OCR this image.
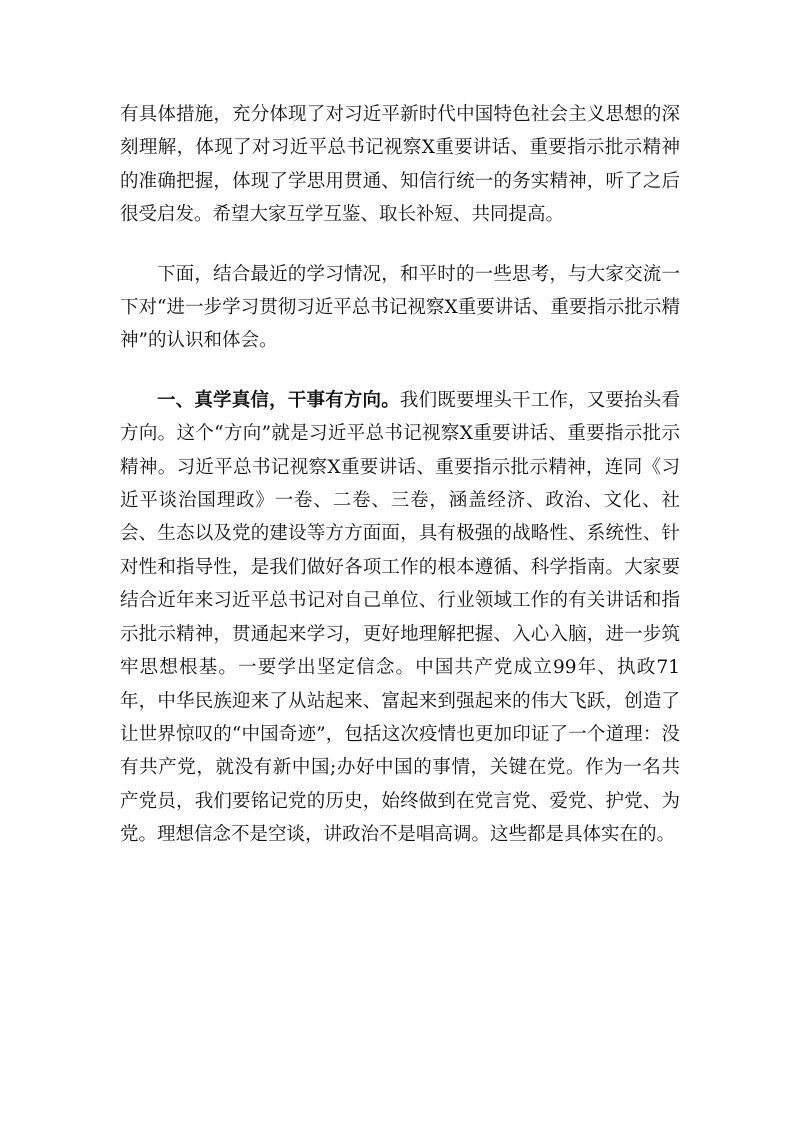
有具体措施，充分体现了对习近平新时代中国特色社会主义思想的深刻理解，体现了对习近平总书记视察X重要讲话、重要指示批示精神的准确把握，体现了学思用贯通、知信行统一的务实精神，听了之后很受启发。希望大家互学互鉴、取长补短、共同提高。

下面，结合最近的学习情况，和平时的一些思考，与大家交流一下对“进一步学习贯彻习近平总书记视察X重要讲话、重要指示批示精神”的认识和体会。

一、真学真信，干事有方向。我们既要埋头干工作，又要抬头看方向。这个“方向”就是习近平总书记视察X重要讲话、重要指示批示精神。习近平总书记视察X重要讲话、重要指示批示精神，连同《习近平谈治国理政》一卷、二卷、三卷，涵盖经济、政治、文化、社会、生态以及党的建设等方方面面，具有极强的战略性、系统性、针对性和指导性，是我们做好各项工作的根本遵循、科学指南。大家要结合近年来习近平总书记对自己单位、行业领域工作的有关讲话和指示批示精神，贯通起来学习，更好地理解把握、入心入脑，进一步筑牢思想根基。一要学出坚定信念。中国共产党成立99年、执政71年，中华民族迎来了从站起来、富起来到强起来的伟大飞跃，创造了让世界惊叹的“中国奇迹”，包括这次疫情也更加印证了一个道理：没有共产党，就没有新中国;办好中国的事情，关键在党。作为一名共产党员，我们要铭记党的历史，始终做到在党言党、爱党、护党、为党。理想信念不是空谈，讲政治不是唱高调。这些都是具体实在的。
